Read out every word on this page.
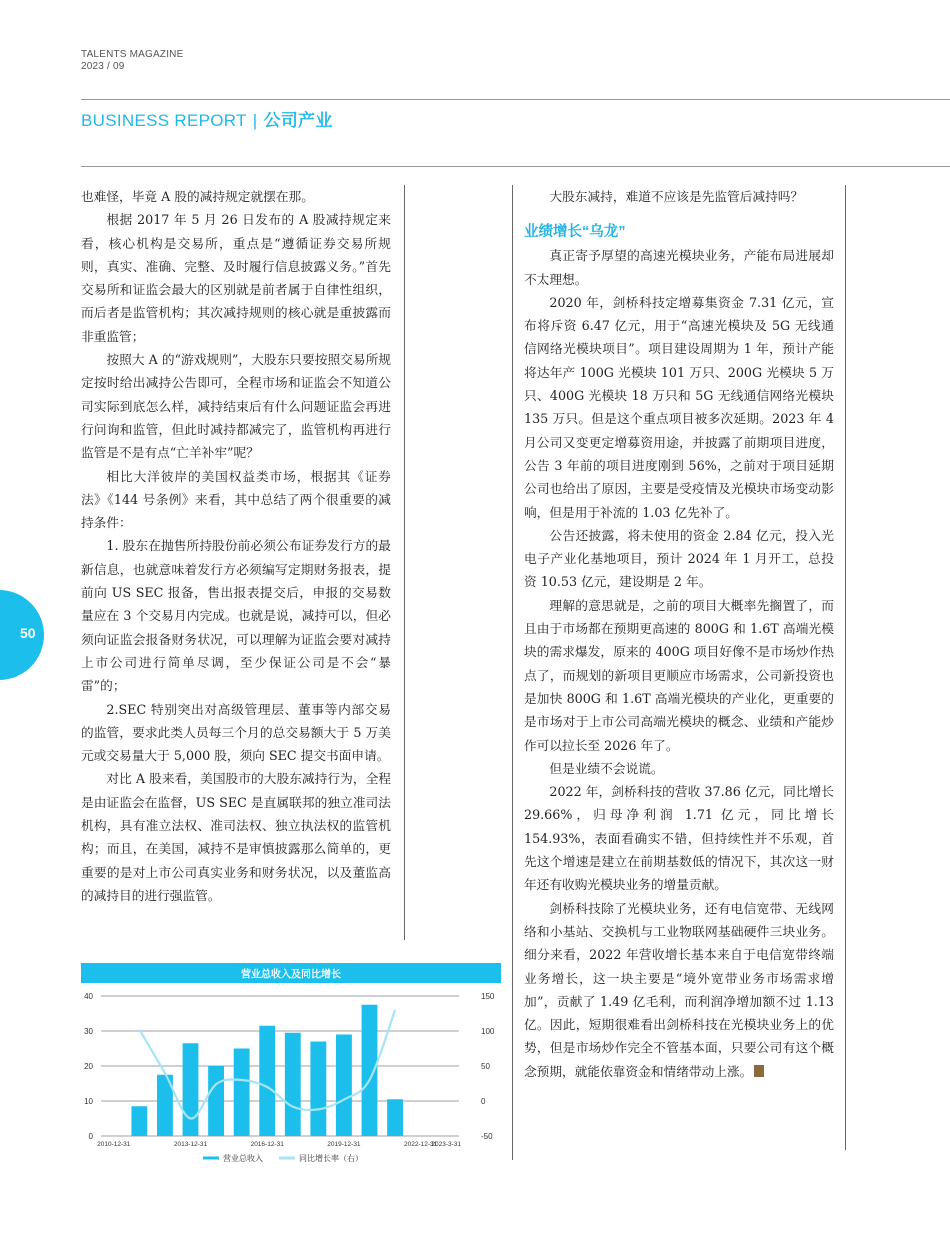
TALENTS MAGAZINE
2023 / 09
BUSINESS REPORT | 公司产业
50

也难怪，毕竟 A 股的减持规定就摆在那。

根据 2017 年 5 月 26 日发布的 A 股减持规定来看，核心机构是交易所，重点是“遵循证券交易所规则，真实、准确、完整、及时履行信息披露义务。”首先交易所和证监会最大的区别就是前者属于自律性组织，而后者是监管机构；其次减持规则的核心就是重披露而非重监管；

按照大 A 的“游戏规则”，大股东只要按照交易所规定按时给出减持公告即可，全程市场和证监会不知道公司实际到底怎么样，减持结束后有什么问题证监会再进行问询和监管，但此时减持都减完了，监管机构再进行监管是不是有点“亡羊补牢”呢？

相比大洋彼岸的美国权益类市场，根据其《证券法》《144 号条例》来看，其中总结了两个很重要的减持条件：

1. 股东在抛售所持股份前必须公布证券发行方的最新信息，也就意味着发行方必须编写定期财务报表，提前向 US SEC 报备，售出报表提交后，申报的交易数量应在 3 个交易月内完成。也就是说，减持可以，但必须向证监会报备财务状况，可以理解为证监会要对减持上市公司进行简单尽调，至少保证公司是不会“暴雷”的；

2.SEC 特别突出对高级管理层、董事等内部交易的监管，要求此类人员每三个月的总交易额大于 5 万美元或交易量大于 5,000 股，须向 SEC 提交书面申请。

对比 A 股来看，美国股市的大股东减持行为，全程是由证监会在监督，US SEC 是直属联邦的独立准司法机构，具有准立法权、准司法权、独立执法权的监管机构；而且，在美国，减持不是审慎披露那么简单的，更重要的是对上市公司真实业务和财务状况，以及董监高的减持目的进行强监管。

大股东减持，难道不应该是先监管后减持吗？

业绩增长“乌龙”

真正寄予厚望的高速光模块业务，产能布局进展却不太理想。

2020 年，剑桥科技定增募集资金 7.31 亿元，宣布将斥资 6.47 亿元，用于“高速光模块及 5G 无线通信网络光模块项目”。项目建设周期为 1 年，预计产能将达年产 100G 光模块 101 万只、200G 光模块 5 万只、400G 光模块 18 万只和 5G 无线通信网络光模块 135 万只。但是这个重点项目被多次延期。2023 年 4 月公司又变更定增募资用途，并披露了前期项目进度，公告 3 年前的项目进度刚到 56%，之前对于项目延期公司也给出了原因，主要是受疫情及光模块市场变动影响，但是用于补流的 1.03 亿先补了。

公告还披露，将未使用的资金 2.84 亿元，投入光电子产业化基地项目，预计 2024 年 1 月开工，总投资 10.53 亿元，建设期是 2 年。

理解的意思就是，之前的项目大概率先搁置了，而且由于市场都在预期更高速的 800G 和 1.6T 高端光模块的需求爆发，原来的 400G 项目好像不是市场炒作热点了，而规划的新项目更顺应市场需求，公司新投资也是加快 800G 和 1.6T 高端光模块的产业化，更重要的是市场对于上市公司高端光模块的概念、业绩和产能炒作可以拉长至 2026 年了。

但是业绩不会说谎。

2022 年，剑桥科技的营收 37.86 亿元，同比增长 29.66%，归母净利润 1.71 亿元，同比增长 154.93%，表面看确实不错，但持续性并不乐观，首先这个增速是建立在前期基数低的情况下，其次这一财年还有收购光模块业务的增量贡献。

剑桥科技除了光模块业务，还有电信宽带、无线网络和小基站、交换机与工业物联网基础硬件三块业务。细分来看，2022 年营收增长基本来自于电信宽带终端业务增长，这一块主要是“境外宽带业务市场需求增加”，贡献了 1.49 亿毛利，而利润净增加额不过 1.13 亿。因此，短期很难看出剑桥科技在光模块业务上的优势，但是市场炒作完全不管基本面，只要公司有这个概念预期，就能依靠资金和情绪带动上涨。

营业总收入及同比增长
40
30
20
10
0
150
100
50
0
-50
2010-12-31	2013-12-31	2016-12-31	2019-12-31	2022-12-31
2023-3-31
营业总收入	同比增长率（右）
